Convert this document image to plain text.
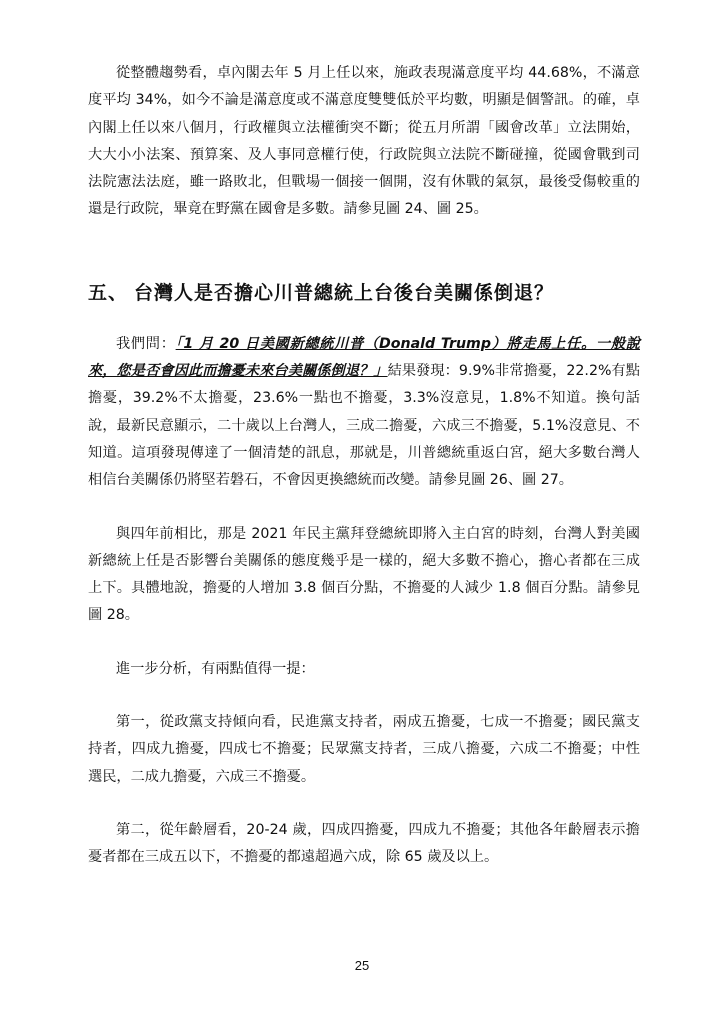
從整體趨勢看，卓內閣去年 5 月上任以來，施政表現滿意度平均 44.68%，不滿意度平均 34%，如今不論是滿意度或不滿意度雙雙低於平均數，明顯是個警訊。的確，卓內閣上任以來八個月，行政權與立法權衝突不斷；從五月所謂「國會改革」立法開始，大大小小法案、預算案、及人事同意權行使，行政院與立法院不斷碰撞，從國會戰到司法院憲法法庭，雖一路敗北，但戰場一個接一個開，沒有休戰的氣氛，最後受傷較重的還是行政院，畢竟在野黨在國會是多數。請參見圖 24、圖 25。

五、 台灣人是否擔心川普總統上台後台美關係倒退？

我們問：「1 月 20 日美國新總統川普（Donald Trump）將走馬上任。一般說來，您是否會因此而擔憂未來台美關係倒退？」結果發現：9.9%非常擔憂，22.2%有點擔憂，39.2%不太擔憂，23.6%一點也不擔憂，3.3%沒意見，1.8%不知道。換句話說，最新民意顯示，二十歲以上台灣人，三成二擔憂，六成三不擔憂，5.1%沒意見、不知道。這項發現傳達了一個清楚的訊息，那就是，川普總統重返白宮，絕大多數台灣人相信台美關係仍將堅若磐石，不會因更換總統而改變。請參見圖 26、圖 27。

與四年前相比，那是 2021 年民主黨拜登總統即將入主白宮的時刻，台灣人對美國新總統上任是否影響台美關係的態度幾乎是一樣的，絕大多數不擔心，擔心者都在三成上下。具體地說，擔憂的人增加 3.8 個百分點，不擔憂的人減少 1.8 個百分點。請參見圖 28。

進一步分析，有兩點值得一提：

第一，從政黨支持傾向看，民進黨支持者，兩成五擔憂，七成一不擔憂；國民黨支持者，四成九擔憂，四成七不擔憂；民眾黨支持者，三成八擔憂，六成二不擔憂；中性選民，二成九擔憂，六成三不擔憂。

第二，從年齡層看，20-24 歲，四成四擔憂，四成九不擔憂；其他各年齡層表示擔憂者都在三成五以下，不擔憂的都遠超過六成，除 65 歲及以上。

25
